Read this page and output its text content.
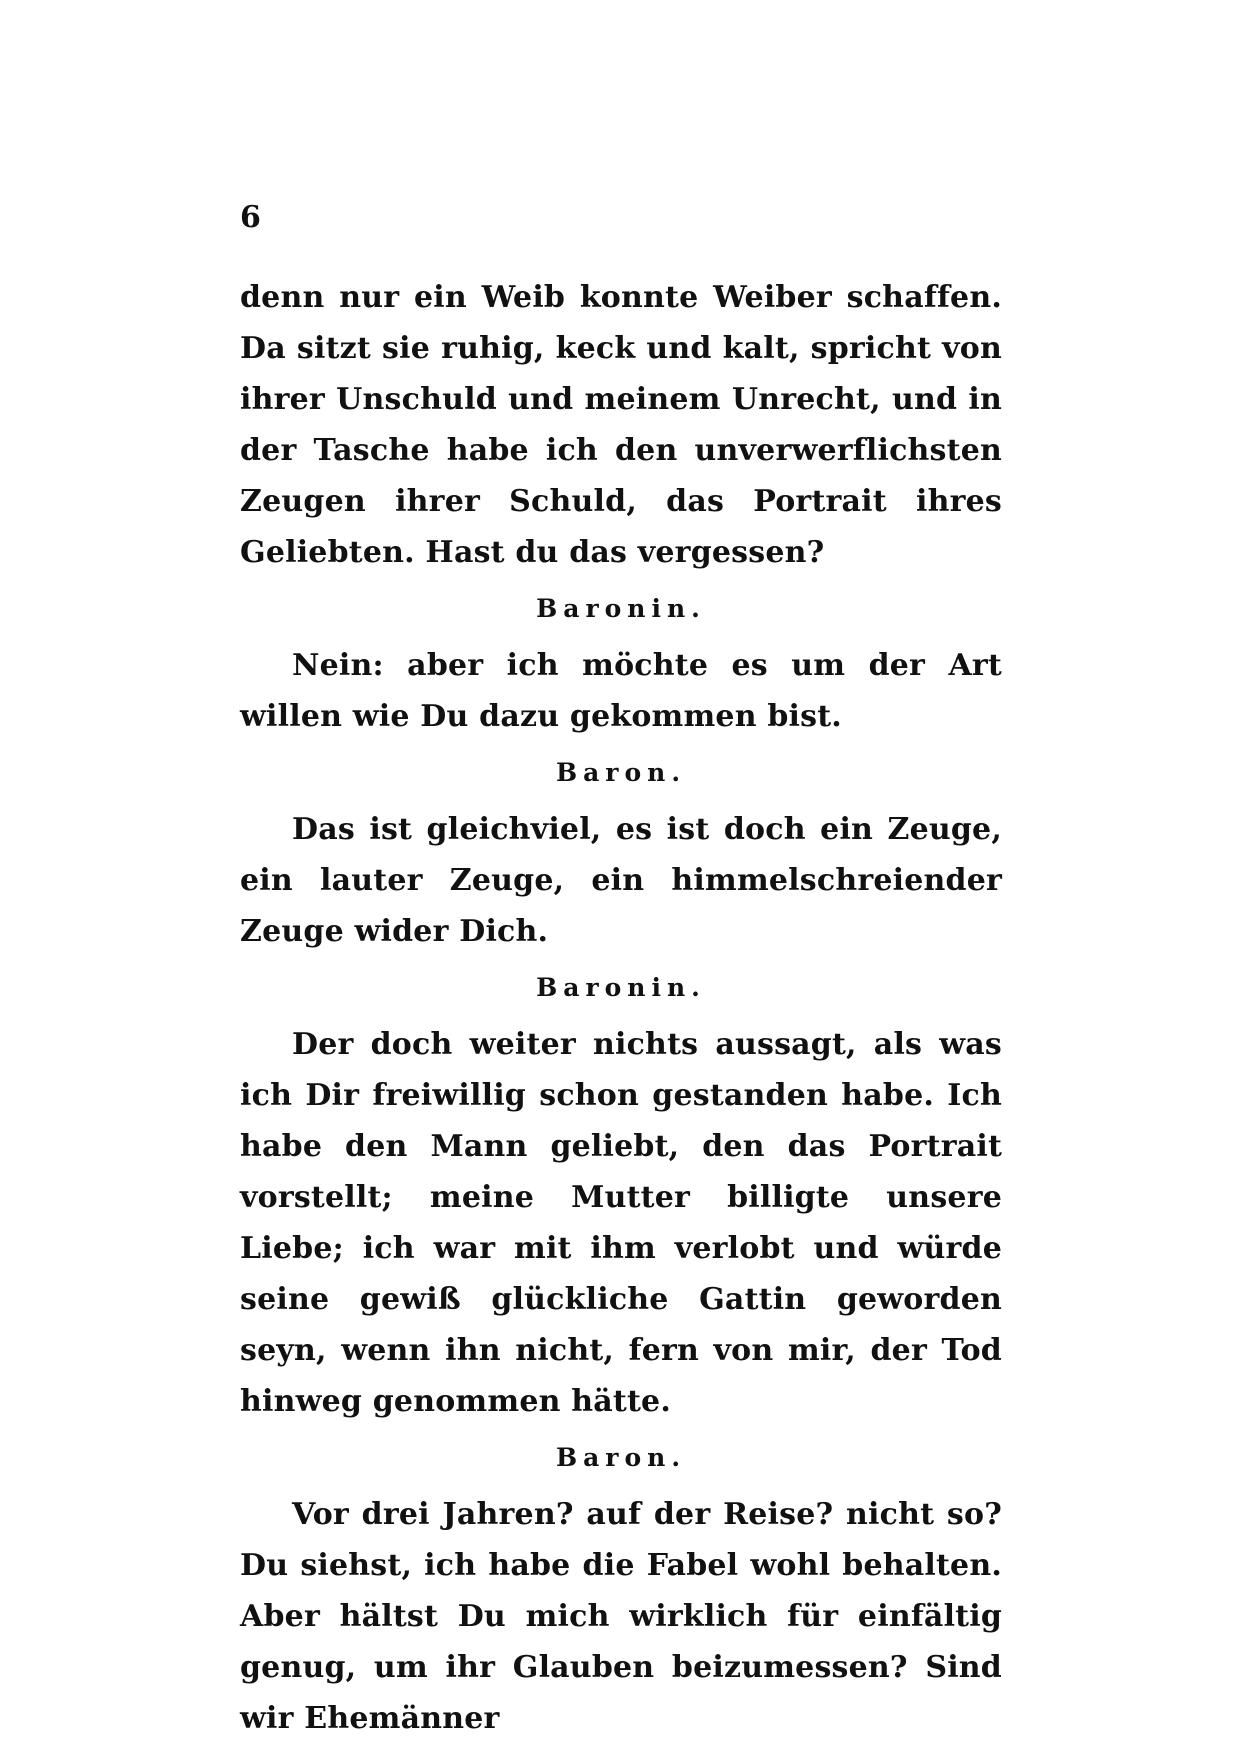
6

denn nur ein Weib konnte Weiber schaffen. Da sitzt sie ruhig, keck und kalt, spricht von ihrer Unschuld und meinem Unrecht, und in der Tasche habe ich den unverwerflichsten Zeugen ihrer Schuld, das Portrait ihres Geliebten. Hast du das vergessen?

Baronin.

Nein: aber ich möchte es um der Art willen wie Du dazu gekommen bist.

Baron.

Das ist gleichviel, es ist doch ein Zeuge, ein lauter Zeuge, ein himmelschreiender Zeuge wider Dich.

Baronin.

Der doch weiter nichts aussagt, als was ich Dir freiwillig schon gestanden habe. Ich habe den Mann geliebt, den das Portrait vorstellt; meine Mutter billigte unsere Liebe; ich war mit ihm verlobt und würde seine gewiß glückliche Gattin geworden seyn, wenn ihn nicht, fern von mir, der Tod hinweg genommen hätte.

Baron.

Vor drei Jahren? auf der Reise? nicht so? Du siehst, ich habe die Fabel wohl behalten. Aber hältst Du mich wirklich für einfältig genug, um ihr Glauben beizumessen? Sind wir Ehemänner
